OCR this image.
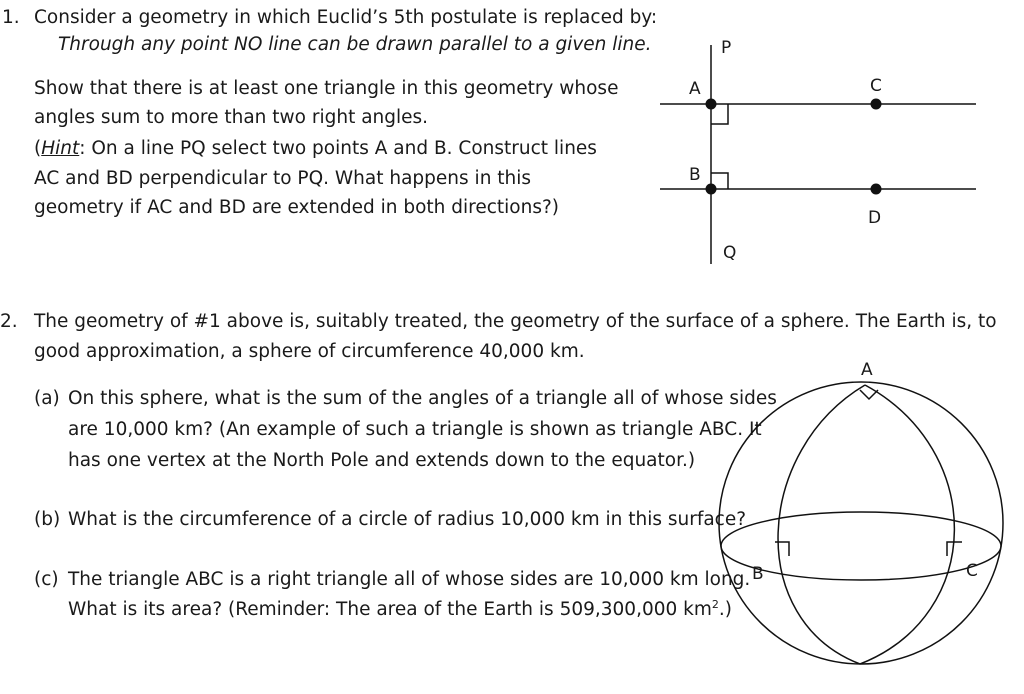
1. Consider a geometry in which Euclid’s 5th postulate is replaced by:
Through any point NO line can be drawn parallel to a given line.
Show that there is at least one triangle in this geometry whose
angles sum to more than two right angles.
(Hint: On a line PQ select two points A and B. Construct lines
AC and BD perpendicular to PQ. What happens in this
geometry if AC and BD are extended in both directions?)
P
A	C
B
D
Q
2. The geometry of #1 above is, suitably treated, the geometry of the surface of a sphere. The Earth is, to
good approximation, a sphere of circumference 40,000 km.
(a) On this sphere, what is the sum of the angles of a triangle all of whose sides
are 10,000 km? (An example of such a triangle is shown as triangle ABC. It
has one vertex at the North Pole and extends down to the equator.)
(b) What is the circumference of a circle of radius 10,000 km in this surface?
(c) The triangle ABC is a right triangle all of whose sides are 10,000 km long.
What is its area? (Reminder: The area of the Earth is 509,300,000 $km^2$.)
A
B	C
